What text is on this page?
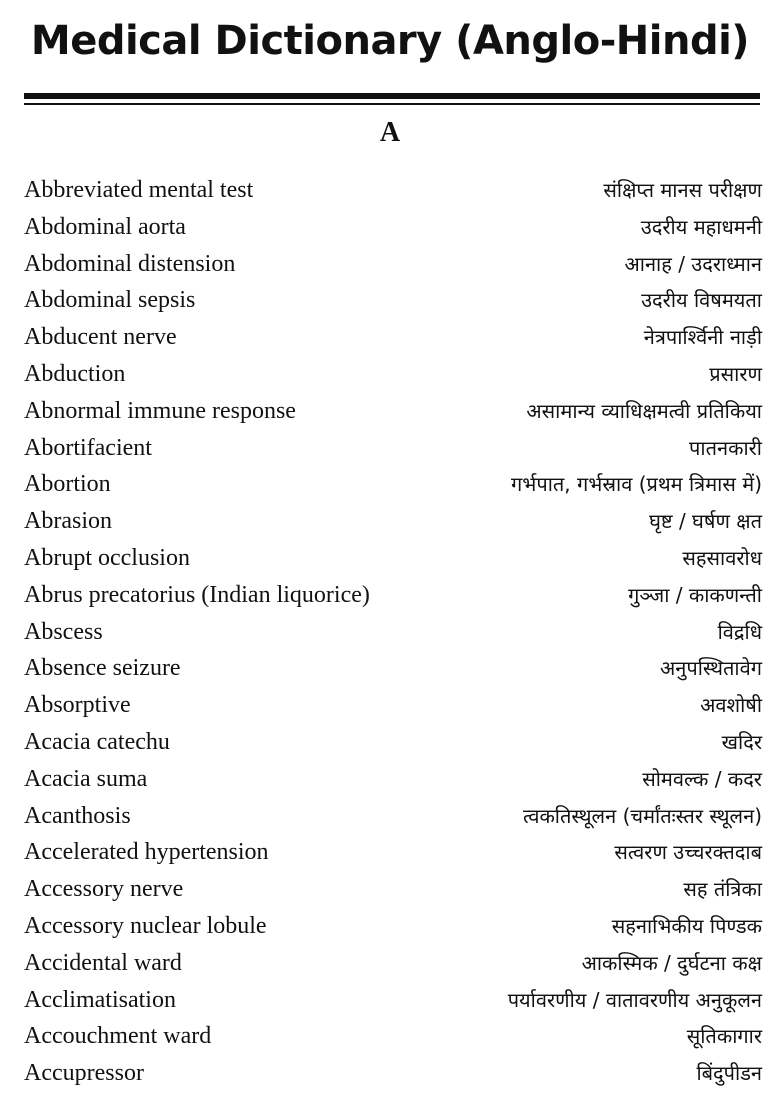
Medical Dictionary (Anglo-Hindi)
A
Abbreviated mental test	संक्षिप्त मानस परीक्षण
Abdominal aorta	उदरीय महाधमनी
Abdominal distension	आनाह / उदराध्मान
Abdominal sepsis	उदरीय विषमयता
Abducent nerve	नेत्रपार्श्विनी नाड़ी
Abduction	प्रसारण
Abnormal immune response	असामान्य व्याधिक्षमत्वी प्रतिकिया
Abortifacient	पातनकारी
Abortion	गर्भपात, गर्भस्राव (प्रथम त्रिमास में)
Abrasion	घृष्ट / घर्षण क्षत
Abrupt occlusion	सहसावरोध
Abrus precatorius (Indian liquorice)	गुञ्जा / काकणन्ती
Abscess	विद्रधि
Absence seizure	अनुपस्थितावेग
Absorptive	अवशोषी
Acacia catechu	खदिर
Acacia suma	सोमवल्क / कदर
Acanthosis	त्वकतिस्थूलन (चर्मांतःस्तर स्थूलन)
Accelerated hypertension	सत्वरण उच्चरक्तदाब
Accessory nerve	सह तंत्रिका
Accessory nuclear lobule	सहनाभिकीय पिण्डक
Accidental ward	आकस्मिक / दुर्घटना कक्ष
Acclimatisation	पर्यावरणीय / वातावरणीय अनुकूलन
Accouchment ward	सूतिकागार
Accupressor	बिंदुपीडन
